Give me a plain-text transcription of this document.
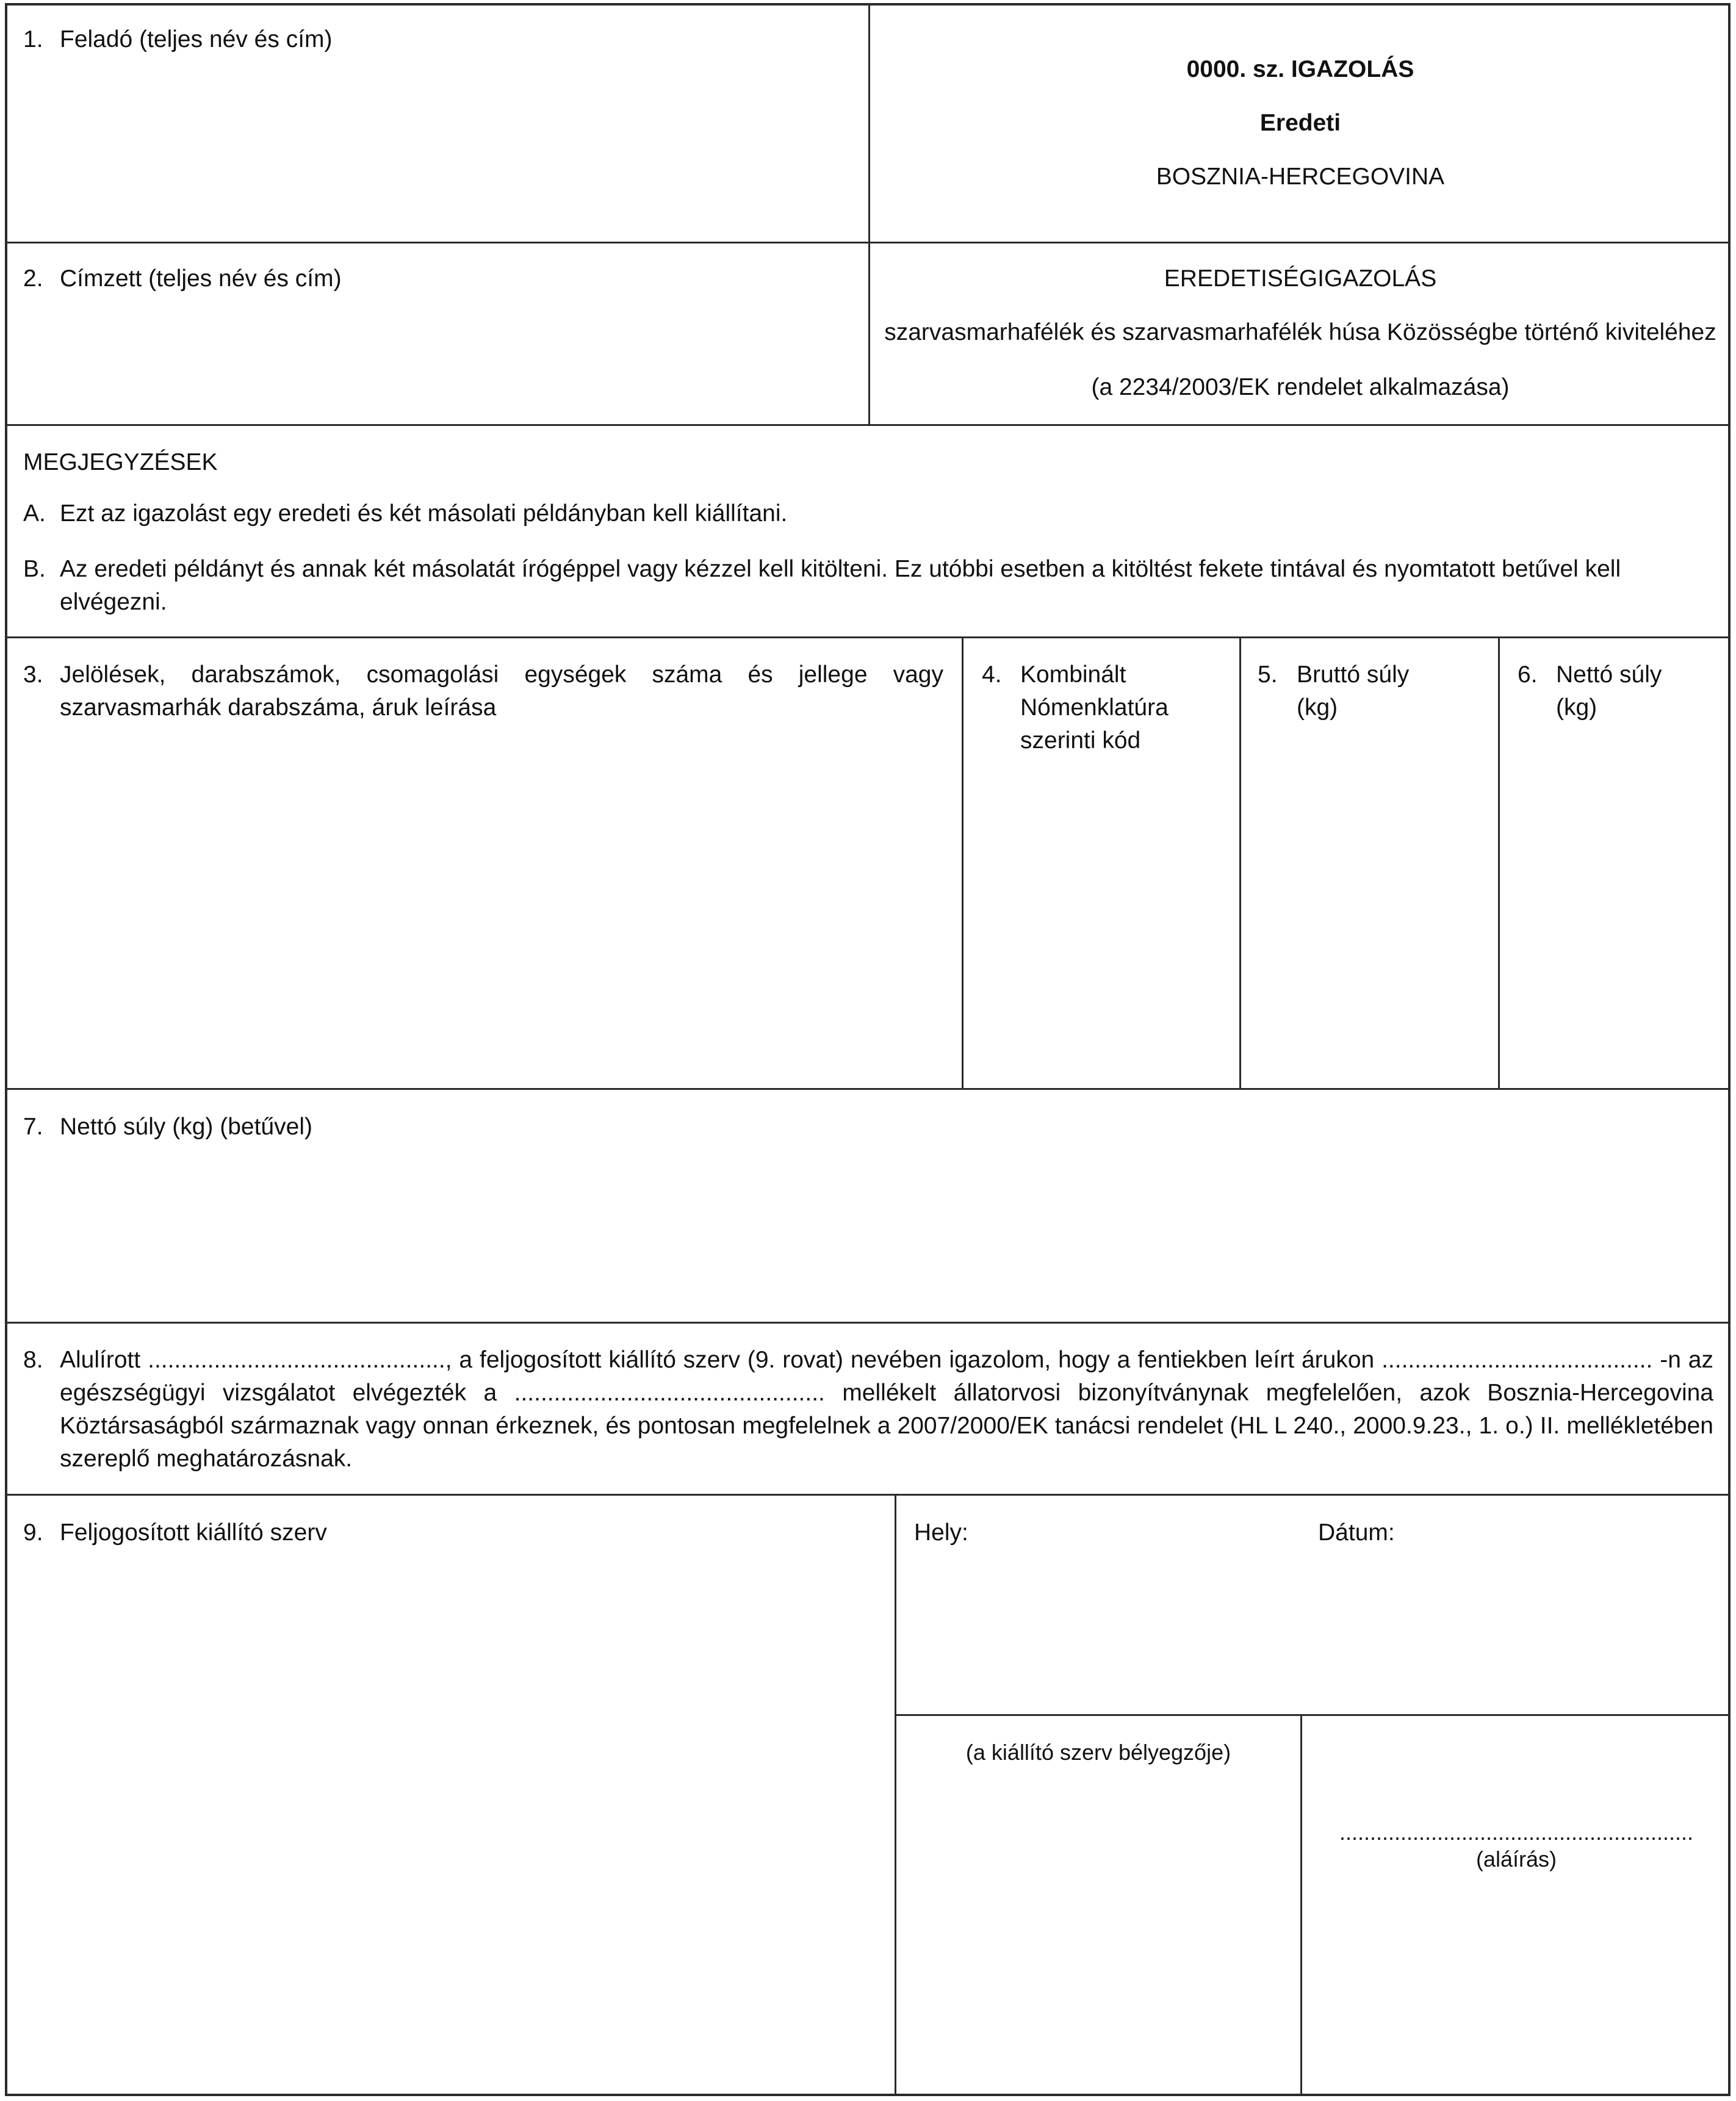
1. Feladó (teljes név és cím)
0000. sz. IGAZOLÁS
Eredeti
BOSZNIA-HERCEGOVINA
2. Címzett (teljes név és cím)	EREDETISÉGIGAZOLÁS
szarvasmarhafélék és szarvasmarhafélék húsa Közösségbe történő kiviteléhez
(a 2234/2003/EK rendelet alkalmazása)
MEGJEGYZÉSEK
A. Ezt az igazolást egy eredeti és két másolati példányban kell kiállítani.
B. Az eredeti példányt és annak két másolatát írógéppel vagy kézzel kell kitölteni. Ez utóbbi esetben a kitöltést fekete tintával és nyomtatott betűvel kell
elvégezni.
3. Jelölések, darabszámok, csomagolási egységek száma és jellege vagy
szarvasmarhák darabszáma, áruk leírása
4. Kombinált
Nómenklatúra
szerinti kód
5. Bruttó súly
(kg)
6. Nettó súly
(kg)
7. Nettó súly (kg) (betűvel)
8. Alulírott ............................................., a feljogosított kiállító szerv (9. rovat) nevében igazolom, hogy a fentiekben leírt árukon ......................................... -n az
egészségügyi vizsgálatot elvégezték a ............................................... mellékelt állatorvosi bizonyítványnak megfelelően, azok Bosznia-Hercegovina
Köztársaságból származnak vagy onnan érkeznek, és pontosan megfelelnek a 2007/2000/EK tanácsi rendelet (HL L 240., 2000.9.23., 1. o.) II. mellékletében
szereplő meghatározásnak.
9. Feljogosított kiállító szerv	Hely:	Dátum:
(a kiállító szerv bélyegzője)
..........................................................
(aláírás)
